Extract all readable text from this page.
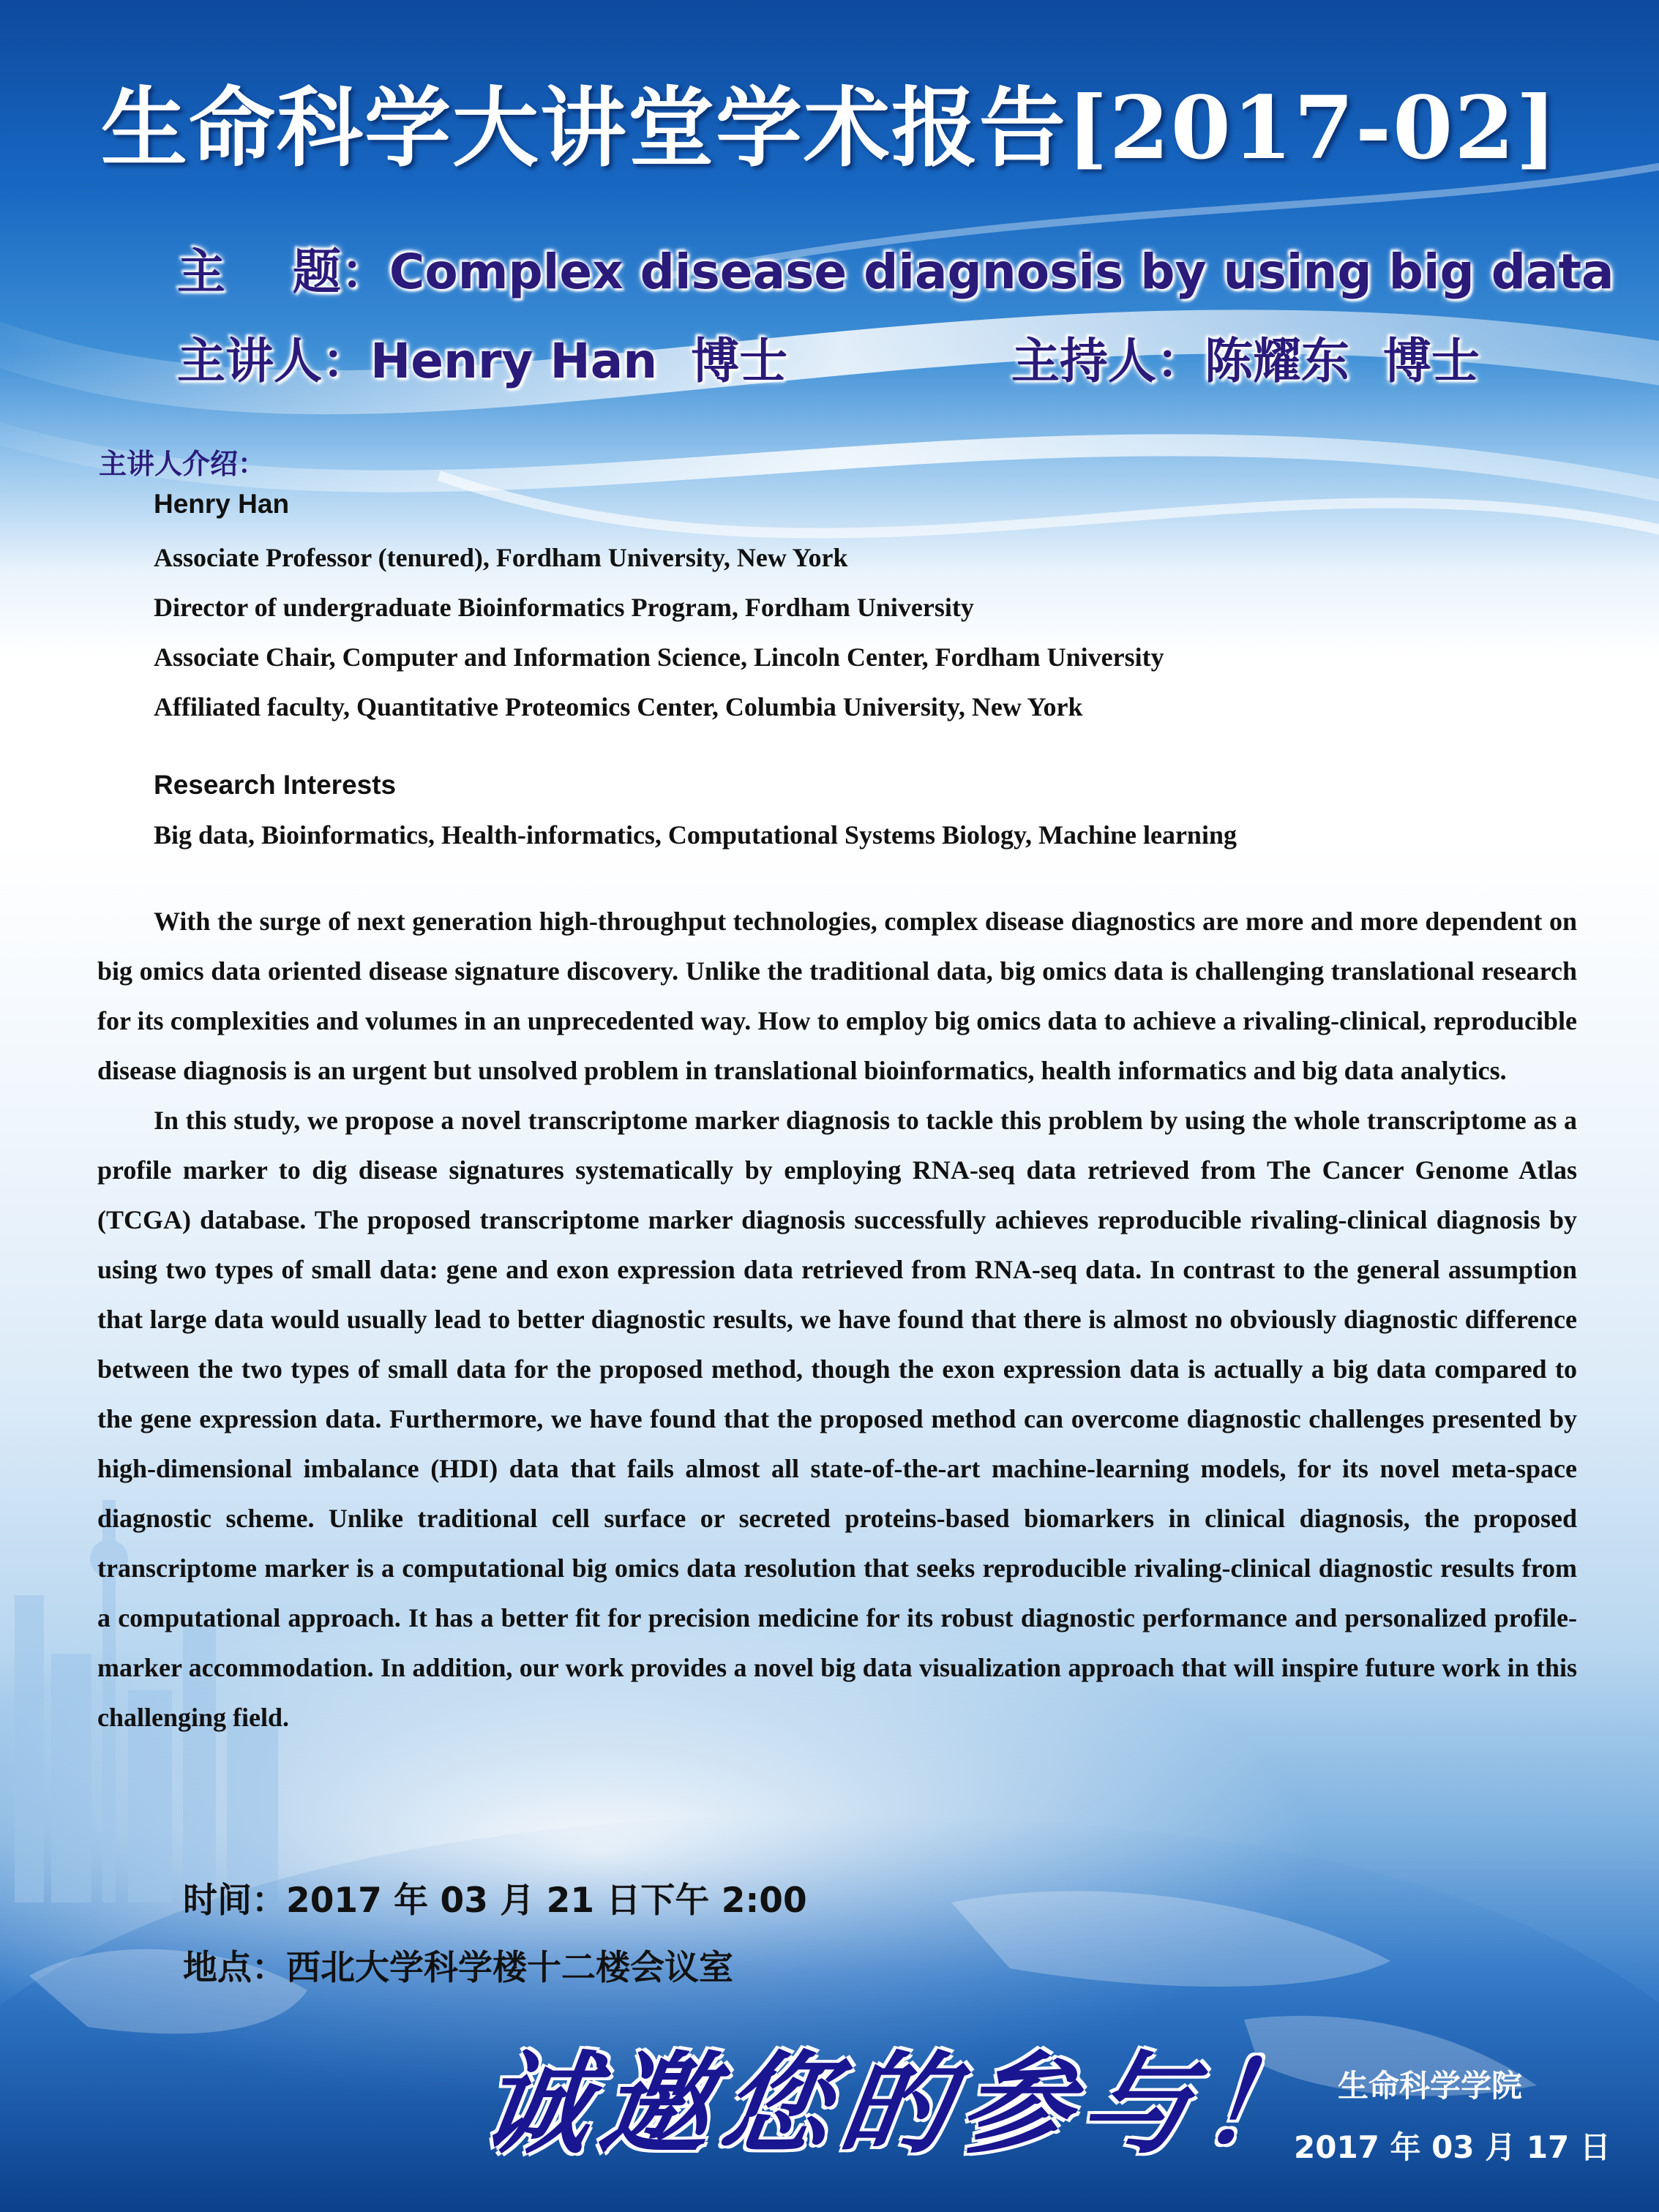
生命科学大讲堂学术报告[2017-02]
主    题：Complex disease diagnosis by using big data
主讲人：Henry Han  博士	主持人：陈耀东  博士
主讲人介绍：
Henry Han
Associate Professor (tenured), Fordham University, New York
Director of undergraduate Bioinformatics Program, Fordham University
Associate Chair, Computer and Information Science, Lincoln Center, Fordham University
Affiliated faculty, Quantitative Proteomics Center, Columbia University, New York
Research Interests
Big data, Bioinformatics, Health-informatics, Computational Systems Biology, Machine learning

With the surge of next generation high-throughput technologies, complex disease diagnostics are more and more dependent on big omics data oriented disease signature discovery. Unlike the traditional data, big omics data is challenging translational research for its complexities and volumes in an unprecedented way. How to employ big omics data to achieve a rivaling-clinical, reproducible disease diagnosis is an urgent but unsolved problem in translational bioinformatics, health informatics and big data analytics.

In this study, we propose a novel transcriptome marker diagnosis to tackle this problem by using the whole transcriptome as a profile marker to dig disease signatures systematically by employing RNA-seq data retrieved from The Cancer Genome Atlas (TCGA) database. The proposed transcriptome marker diagnosis successfully achieves reproducible rivaling-clinical diagnosis by using two types of small data: gene and exon expression data retrieved from RNA-seq data. In contrast to the general assumption that large data would usually lead to better diagnostic results, we have found that there is almost no obviously diagnostic difference between the two types of small data for the proposed method, though the exon expression data is actually a big data compared to the gene expression data. Furthermore, we have found that the proposed method can overcome diagnostic challenges presented by high-dimensional imbalance (HDI) data that fails almost all state-of-the-art machine-learning models, for its novel meta-space diagnostic scheme. Unlike traditional cell surface or secreted proteins-based biomarkers in clinical diagnosis, the proposed transcriptome marker is a computational big omics data resolution that seeks reproducible rivaling-clinical diagnostic results from a computational approach. It has a better fit for precision medicine for its robust diagnostic performance and personalized profile-marker accommodation. In addition, our work provides a novel big data visualization approach that will inspire future work in this challenging field.

时间：2017 年 03 月 21 日下午 2:00
地点：西北大学科学楼十二楼会议室
诚邀您的参与！ 生命科学学院
2017 年 03 月 17 日
